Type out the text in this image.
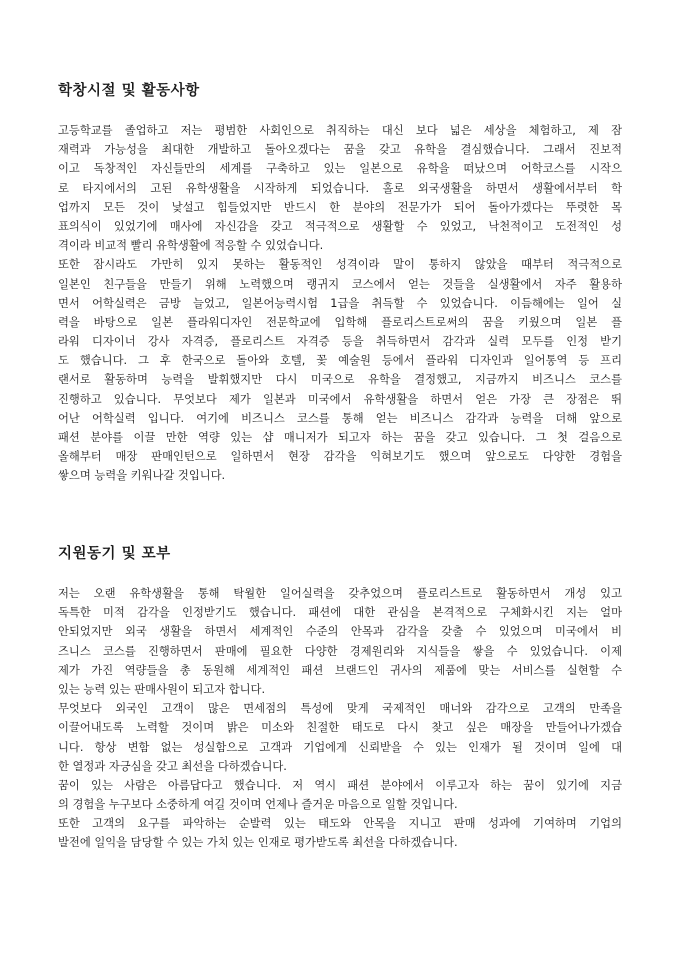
학창시절 및 활동사항
고등학교를 졸업하고 저는 평범한 사회인으로 취직하는 대신 보다 넓은 세상을 체험하고, 제 잠
재력과 가능성을 최대한 개발하고 돌아오겠다는 꿈을 갖고 유학을 결심했습니다. 그래서 진보적
이고 독창적인 자신들만의 세계를 구축하고 있는 일본으로 유학을 떠났으며 어학코스를 시작으
로 타지에서의 고된 유학생활을 시작하게 되었습니다. 홀로 외국생활을 하면서 생활에서부터 학
업까지 모든 것이 낯설고 힘들었지만 반드시 한 분야의 전문가가 되어 돌아가겠다는 뚜렷한 목
표의식이 있었기에 매사에 자신감을 갖고 적극적으로 생활할 수 있었고, 낙천적이고 도전적인 성
격이라 비교적 빨리 유학생활에 적응할 수 있었습니다.
또한 잠시라도 가만히 있지 못하는 활동적인 성격이라 말이 통하지 않았을 때부터 적극적으로
일본인 친구들을 만들기 위해 노력했으며 랭귀지 코스에서 얻는 것들을 실생활에서 자주 활용하
면서 어학실력은 금방 늘었고, 일본어능력시험 1급을 취득할 수 있었습니다. 이듬해에는 일어 실
력을 바탕으로 일본 플라워디자인 전문학교에 입학해 플로리스트로써의 꿈을 키웠으며 일본 플
라워 디자이너 강사 자격증, 플로리스트 자격증 등을 취득하면서 감각과 실력 모두를 인정 받기
도 했습니다. 그 후 한국으로 돌아와 호텔, 꽃 예술원 등에서 플라워 디자인과 일어통역 등 프리
랜서로 활동하며 능력을 발휘했지만 다시 미국으로 유학을 결정했고, 지금까지 비즈니스 코스를
진행하고 있습니다. 무엇보다 제가 일본과 미국에서 유학생활을 하면서 얻은 가장 큰 장점은 뛰
어난 어학실력 입니다. 여기에 비즈니스 코스를 통해 얻는 비즈니스 감각과 능력을 더해 앞으로
패션 분야를 이끌 만한 역량 있는 샵 매니저가 되고자 하는 꿈을 갖고 있습니다. 그 첫 걸음으로
올해부터 매장 판매인턴으로 일하면서 현장 감각을 익혀보기도 했으며 앞으로도 다양한 경험을
쌓으며 능력을 키워나갈 것입니다.
지원동기 및 포부
저는 오랜 유학생활을 통해 탁월한 일어실력을 갖추었으며 플로리스트로 활동하면서 개성 있고
독특한 미적 감각을 인정받기도 했습니다. 패션에 대한 관심을 본격적으로 구체화시킨 지는 얼마
안되었지만 외국 생활을 하면서 세계적인 수준의 안목과 감각을 갖출 수 있었으며 미국에서 비
즈니스 코스를 진행하면서 판매에 필요한 다양한 경제원리와 지식들을 쌓을 수 있었습니다. 이제
제가 가진 역량들을 총 동원해 세계적인 패션 브랜드인 귀사의 제품에 맞는 서비스를 실현할 수
있는 능력 있는 판매사원이 되고자 합니다.
무엇보다 외국인 고객이 많은 면세점의 특성에 맞게 국제적인 매너와 감각으로 고객의 만족을
이끌어내도록 노력할 것이며 밝은 미소와 친절한 태도로 다시 찾고 싶은 매장을 만들어나가겠습
니다. 항상 변함 없는 성실함으로 고객과 기업에게 신뢰받을 수 있는 인재가 될 것이며 일에 대
한 열정과 자긍심을 갖고 최선을 다하겠습니다.
꿈이 있는 사람은 아름답다고 했습니다. 저 역시 패션 분야에서 이루고자 하는 꿈이 있기에 지금
의 경험을 누구보다 소중하게 여길 것이며 언제나 즐거운 마음으로 일할 것입니다.
또한 고객의 요구를 파악하는 순발력 있는 태도와 안목을 지니고 판매 성과에 기여하며 기업의
발전에 일익을 담당할 수 있는 가치 있는 인재로 평가받도록 최선을 다하겠습니다.
